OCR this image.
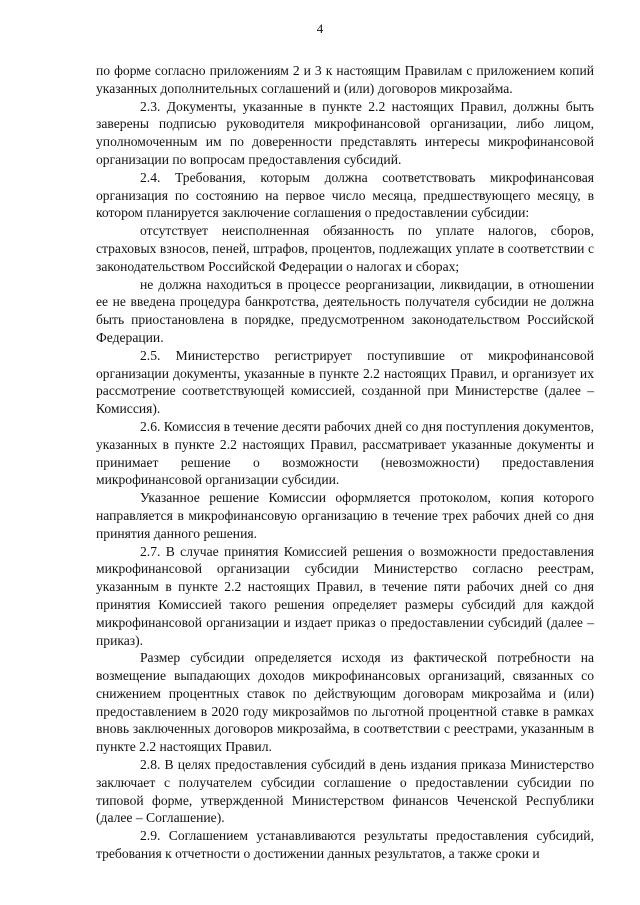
4

по форме согласно приложениям 2 и 3 к настоящим Правилам с приложением копий указанных дополнительных соглашений и (или) договоров микрозайма.

2.3. Документы, указанные в пункте 2.2 настоящих Правил, должны быть заверены подписью руководителя микрофинансовой организации, либо лицом, уполномоченным им по доверенности представлять интересы микрофинансовой организации по вопросам предоставления субсидий.

2.4. Требования, которым должна соответствовать микрофинансовая организация по состоянию на первое число месяца, предшествующего месяцу, в котором планируется заключение соглашения о предоставлении субсидии:

отсутствует неисполненная обязанность по уплате налогов, сборов, страховых взносов, пеней, штрафов, процентов, подлежащих уплате в соответствии с законодательством Российской Федерации о налогах и сборах;

не должна находиться в процессе реорганизации, ликвидации, в отношении ее не введена процедура банкротства, деятельность получателя субсидии не должна быть приостановлена в порядке, предусмотренном законодательством Российской Федерации.

2.5. Министерство регистрирует поступившие от микрофинансовой организации документы, указанные в пункте 2.2 настоящих Правил, и организует их рассмотрение соответствующей комиссией, созданной при Министерстве (далее – Комиссия).

2.6. Комиссия в течение десяти рабочих дней со дня поступления документов, указанных в пункте 2.2 настоящих Правил, рассматривает указанные документы и принимает решение о возможности (невозможности) предоставления микрофинансовой организации субсидии.

Указанное решение Комиссии оформляется протоколом, копия которого направляется в микрофинансовую организацию в течение трех рабочих дней со дня принятия данного решения.

2.7. В случае принятия Комиссией решения о возможности предоставления микрофинансовой организации субсидии Министерство согласно реестрам, указанным в пункте 2.2 настоящих Правил, в течение пяти рабочих дней со дня принятия Комиссией такого решения определяет размеры субсидий для каждой микрофинансовой организации и издает приказ о предоставлении субсидий (далее – приказ).

Размер субсидии определяется исходя из фактической потребности на возмещение выпадающих доходов микрофинансовых организаций, связанных со снижением процентных ставок по действующим договорам микрозайма и (или) предоставлением в 2020 году микрозаймов по льготной процентной ставке в рамках вновь заключенных договоров микрозайма, в соответствии с реестрами, указанным в пункте 2.2 настоящих Правил.

2.8. В целях предоставления субсидий в день издания приказа Министерство заключает с получателем субсидии соглашение о предоставлении субсидии по типовой форме, утвержденной Министерством финансов Чеченской Республики (далее – Соглашение).

2.9. Соглашением устанавливаются результаты предоставления субсидий, требования к отчетности о достижении данных результатов, а также сроки и
